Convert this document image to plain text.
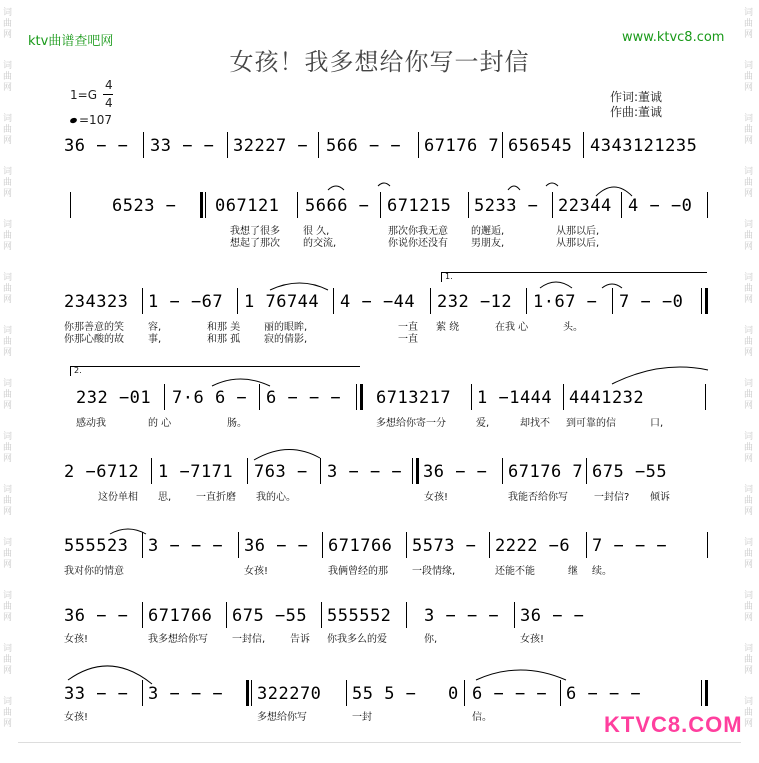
词
曲
网
词
曲
网
词
曲
网
词
曲
网
词
曲
网
词
曲
网
词
曲
网
词
曲
网
词
曲
网
词
曲
网
词
曲
网
词
曲
网
词
曲
网
词
曲
网
词
曲
网
词
曲
网
词
曲
网
词
曲
网
词
曲
网
词
曲
网
词
曲
网
词
曲
网
词
曲
网
词
曲
网
词
曲
网
词
曲
网
词
曲
网
词
曲
网
ktv曲谱查吧网	www.ktvc8.com
女孩！我多想给你写一封信
1=G
4
4
=107
作词:董诚
作曲:董诚
36 − − 33 − − 32227 − 566 − − 67176 7 656545 4343121235
6523 − 067121 5666 − 671215 5233 − 22344 4 − −0
我想了很多 很 久,	那次你我无意 的邂逅,	从那以后,
想起了那次 的交流,	你说你还没有 男朋友,	从那以后,
234323 1 − −67 1 76744 4 − −44 232 −12 1·67 − 7 − −0
1.
你那善意的笑 容,	和那 美 丽的眼眸,	一直 萦 绕	在我 心	头。
你那心酸的故 事,	和那 孤 寂的倩影,	一直
2.
232 −01 7·6 6 − 6 − − − 6713217 1 −1444 4441232
感动我	的 心	肠。	多想给你寄一分	爱,	却找不 到可靠的信	口,
2 −6712 1 −7171 763 − 3 − − − 36 − − 67176 7 675 −55
这份单相 思, 一直折磨 我的心。	女孩!	我能否给你写	一封信? 倾诉
555523 3 − − − 36 − − 671766 5573 − 2222 −6 7 − − −
我对你的情意	女孩!	我俩曾经的那 一段情缘,	还能不能	继 续。
36 − − 671766 675 −55 555552 3 − − − 36 − −
女孩!	我多想给你写 一封信, 告诉 你我多么的爱	你,	女孩!
33 − − 3 − − − 322270 55 5 − 0 6 − − − 6 − − −
女孩!	多想给你写	一封	信。	KTVC8.COM
